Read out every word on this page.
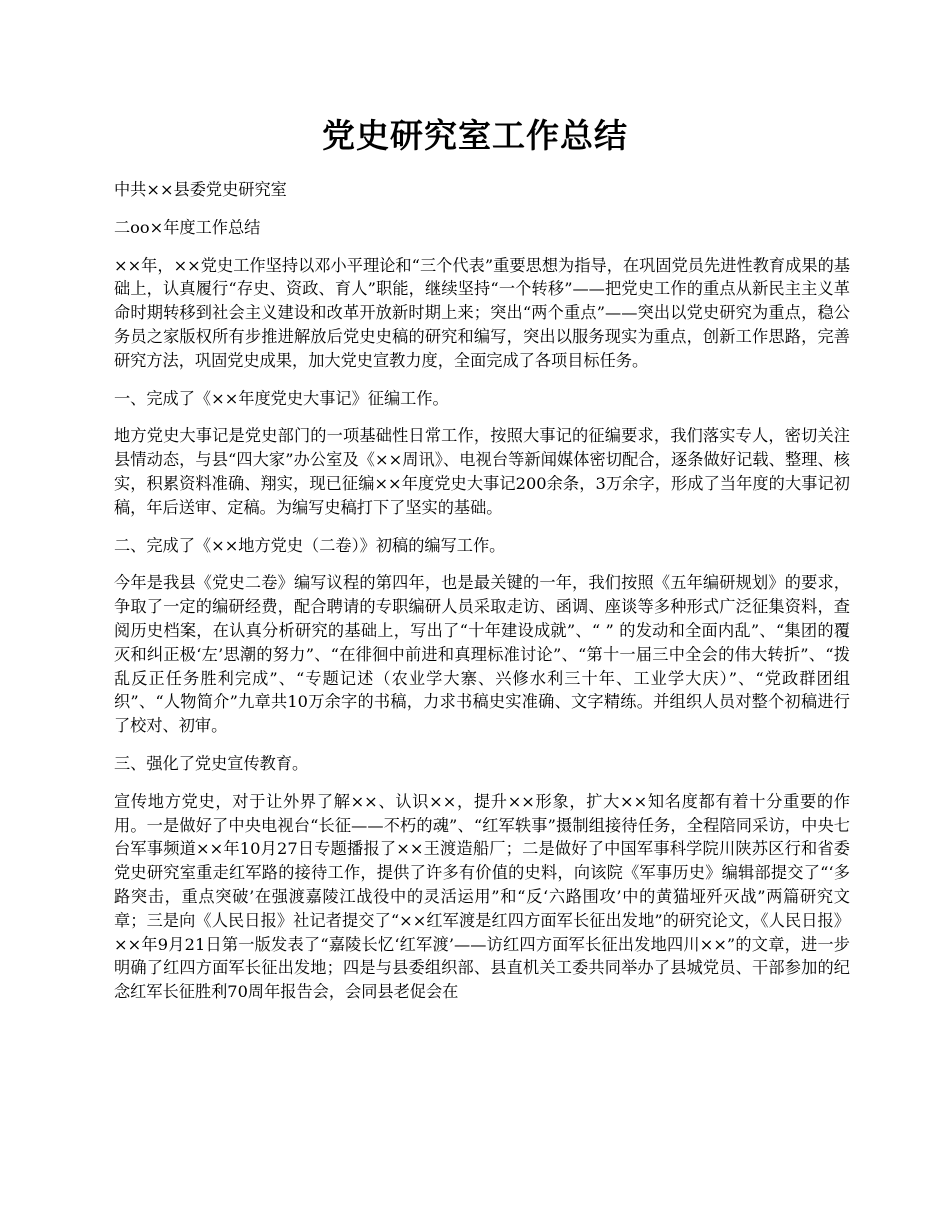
党史研究室工作总结

中共××县委党史研究室

二oo×年度工作总结

××年，××党史工作坚持以邓小平理论和“三个代表”重要思想为指导，在巩固党员先进性教育成果的基础上，认真履行“存史、资政、育人”职能，继续坚持“一个转移”——把党史工作的重点从新民主主义革命时期转移到社会主义建设和改革开放新时期上来；突出“两个重点”——突出以党史研究为重点，稳公务员之家版权所有步推进解放后党史史稿的研究和编写，突出以服务现实为重点，创新工作思路，完善研究方法，巩固党史成果，加大党史宣教力度，全面完成了各项目标任务。

一、完成了《××年度党史大事记》征编工作。

地方党史大事记是党史部门的一项基础性日常工作，按照大事记的征编要求，我们落实专人，密切关注县情动态，与县“四大家”办公室及《××周讯》、电视台等新闻媒体密切配合，逐条做好记载、整理、核实，积累资料准确、翔实，现已征编××年度党史大事记200余条，3万余字，形成了当年度的大事记初稿，年后送审、定稿。为编写史稿打下了坚实的基础。

二、完成了《××地方党史（二卷）》初稿的编写工作。

今年是我县《党史二卷》编写议程的第四年，也是最关键的一年，我们按照《五年编研规划》的要求，争取了一定的编研经费，配合聘请的专职编研人员采取走访、函调、座谈等多种形式广泛征集资料，查阅历史档案，在认真分析研究的基础上，写出了“十年建设成就”、“ ” 的发动和全面内乱”、“集团的覆灭和纠正极‘左’思潮的努力”、“在徘徊中前进和真理标准讨论”、“第十一届三中全会的伟大转折”、“拨乱反正任务胜利完成”、“专题记述（农业学大寨、兴修水利三十年、工业学大庆）”、“党政群团组织”、“人物简介”九章共10万余字的书稿，力求书稿史实准确、文字精练。并组织人员对整个初稿进行了校对、初审。

三、强化了党史宣传教育。

宣传地方党史，对于让外界了解××、认识××，提升××形象，扩大××知名度都有着十分重要的作用。一是做好了中央电视台“长征——不朽的魂”、“红军轶事”摄制组接待任务，全程陪同采访，中央七台军事频道××年10月27日专题播报了××王渡造船厂；二是做好了中国军事科学院川陕苏区行和省委党史研究室重走红军路的接待工作，提供了许多有价值的史料，向该院《军事历史》编辑部提交了“‘多路突击，重点突破’在强渡嘉陵江战役中的灵活运用”和“反‘六路围攻’中的黄猫垭歼灭战”两篇研究文章；三是向《人民日报》社记者提交了“××红军渡是红四方面军长征出发地”的研究论文，《人民日报》××年9月21日第一版发表了“嘉陵长忆‘红军渡’——访红四方面军长征出发地四川××”的文章，进一步明确了红四方面军长征出发地；四是与县委组织部、县直机关工委共同举办了县城党员、干部参加的纪念红军长征胜利70周年报告会，会同县老促会在
